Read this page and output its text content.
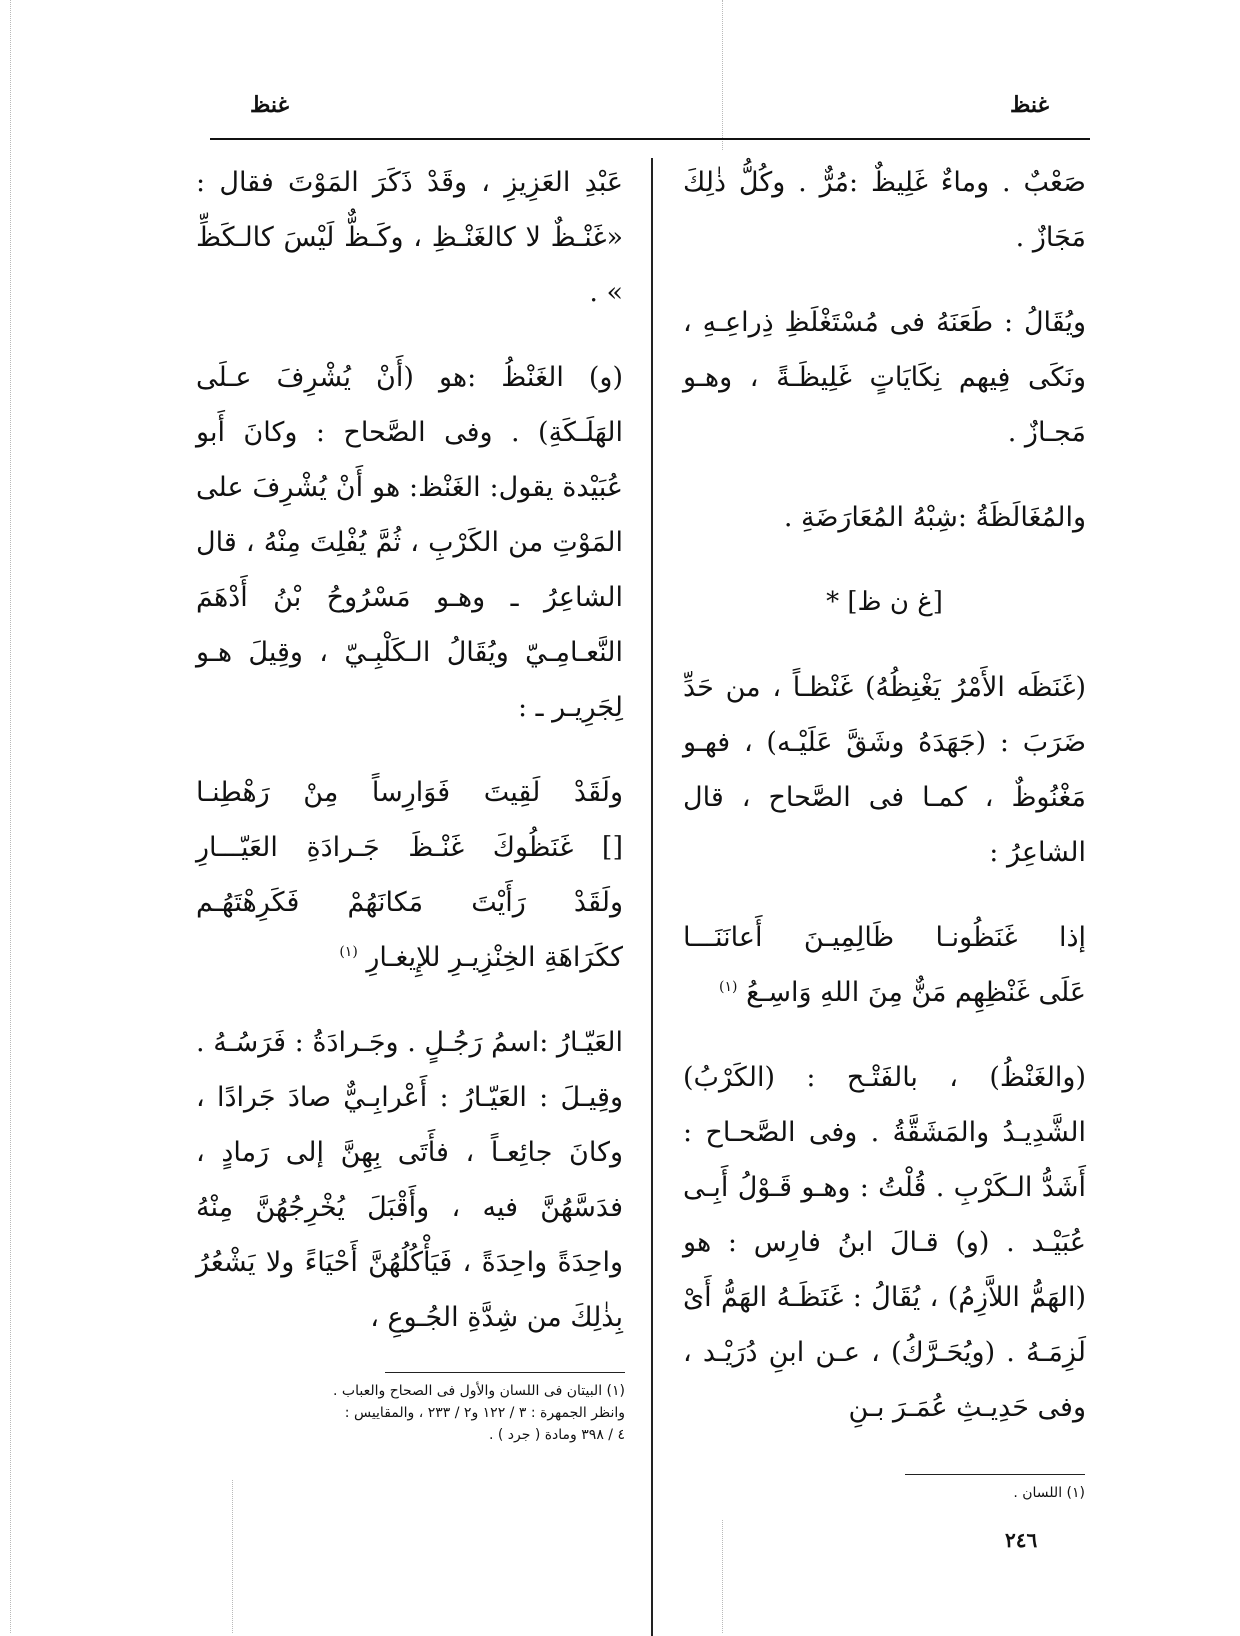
غنظ	غنظ

صَعْبٌ . وماءٌ غَلِيظٌ :مُرٌّ . وكُلُّ ذٰلِكَ مَجَازٌ .

ويُقَالُ : طَعَنَهُ فى مُسْتَغْلَظِ ذِراعِـهِ ، ونَكَى فِيهم نِكَايَاتٍ غَلِيظَـةً ، وهـو مَجـازٌ .

والمُغَالَظَةُ :شِبْهُ المُعَارَضَةِ .

[غ ن ظ] *

(غَنَظَه الأَمْرُ يَغْنِظُهُ) غَنْظـاً ، من حَدِّ ضَرَبَ : (جَهَدَهُ وشَقَّ عَلَيْـه) ، فهـو مَغْنُوظٌ ، كمـا فى الصَّحاح ، قال الشاعِرُ :

إذا غَنَظُونـا ظَالِمِيـنَ أَعانَنَـــا

عَلَى غَنْظِهِم مَنٌّ مِنَ اللهِ وَاسِـعُ $^{(١)}$

(والغَنْظُ) ، بالفَتْـح : (الكَرْبُ) الشَّدِيـدُ والمَشَقَّةُ . وفى الصَّحـاح : أَشَدُّ الـكَرْبِ . قُلْتُ : وهـو قَـوْلُ أَبِـى عُبَيْـد . (و) قـالَ ابنُ فارِس : هو (الهَمُّ اللاَّزِمُ) ، يُقَالُ : غَنَظَـهُ الهَمُّ أَىْ لَزِمَـهُ . (ويُحَـرَّكُ) ، عـن ابنِ دُرَيْـد ، وفى حَدِيـثِ عُمَـرَ بـنِ

عَبْدِ العَزِيزِ ، وقَدْ ذَكَرَ المَوْتَ فقال : «غَنْـظٌ لا كالغَنْـظِ ، وكَـظٌّ لَيْسَ كالـكَظِّ » .

(و) الغَنْظُ :هو (أَنْ يُشْرِفَ عـلَى الهَلَـكَةِ) . وفى الصَّحاح : وكانَ أَبو عُبَيْدة يقول: الغَنْظ: هو أَنْ يُشْرِفَ على المَوْتِ من الكَرْبِ ، ثُمَّ يُفْلِتَ مِنْهُ ، قال الشاعِرُ ـ وهـو مَسْرُوحُ بْنُ أَدْهَمَ النَّعـامِـيّ ويُقَالُ الـكَلْبِـيّ ، وقِيلَ هـو لِجَرِيـر ـ :

ولَقَدْ لَقِيتَ فَوَارِساً مِنْ رَهْطِنـا

[] غَنَظُوكَ غَنْـظَ جَـرادَةِ العَيّـــارِ

ولَقَدْ رَأَيْتَ مَكانَهُمْ فَكَرِهْتَهُـم

ككَرَاهَةِ الخِنْزِيـرِ للإِيغـارِ $^{(١)}$

العَيّـارُ :اسمُ رَجُـلٍ . وجَـرادَةُ : فَرَسُـهُ . وقِيـلَ : العَيّـارُ : أَعْرابِـيٌّ صادَ جَرادًا ، وكانَ جائِعـاً ، فأَتَى بِهِنَّ إلى رَمادٍ ، فدَسَّهُنَّ فيه ، وأَقْبَلَ يُخْرِجُهُنَّ مِنْهُ واحِدَةً واحِدَةً ، فَيَأْكُلُهُنَّ أَحْيَاءً ولا يَشْعُرُ بِذٰلِكَ من شِدَّةِ الجُـوعِ ،

(١) البيتان فى اللسان والأول فى الصحاح والعباب .
وانظر الجمهرة : ٣ / ١٢٢ و٢ / ٢٣٣ ، والمقاييس :
٤ / ٣٩٨ ومادة ( جرد ) .
(١) اللسان .
٢٤٦
